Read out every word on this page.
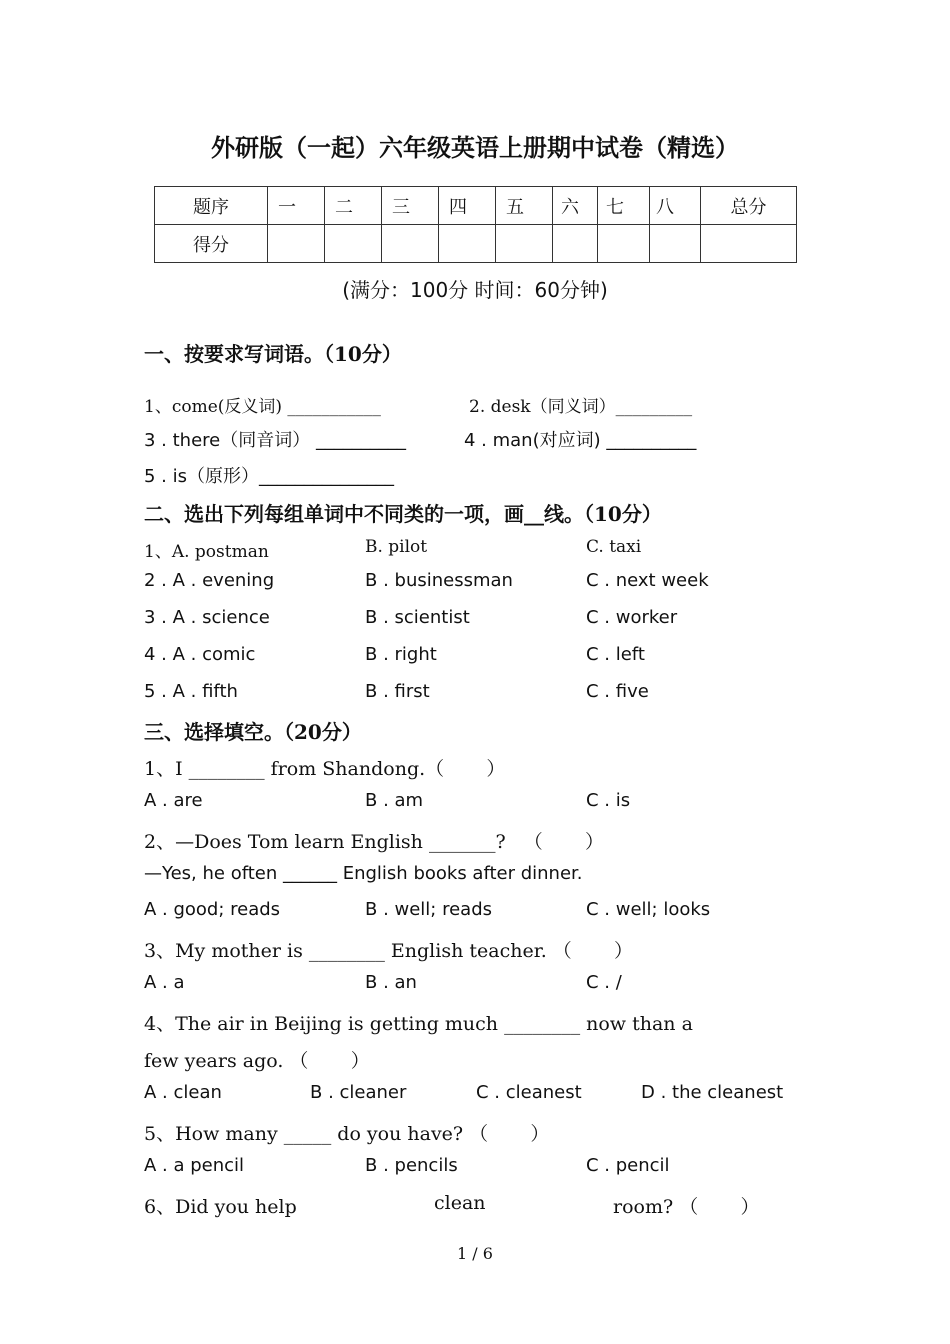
外研版（一起）六年级英语上册期中试卷（精选）
题序	一	二	三	四	五	六	七	八	总分
得分									
(满分：100分 时间：60分钟)
一、按要求写词语。（10分）
1、come(反义词) ___________	2. desk（同义词）_________
3 . there（同音词） __________	4 . man(对应词) __________
5 . is（原形）_______________
二、选出下列每组单词中不同类的一项，画__线。（10分）
1、A. postman	B. pilot	C. taxi
2 . A . evening	B . businessman	C . next week
3 . A . science	B . scientist	C . worker
4 . A . comic	B . right	C . left
5 . A . fifth	B . first	C . five
三、选择填空。（20分）
1、I ________ from Shandong.（       ）
A . are	B . am	C . is
2、—Does Tom learn English _______?   （       ）
—Yes, he often ______ English books after dinner.
A . good; reads	B . well; reads	C . well; looks
3、My mother is ________ English teacher. （       ）
A . a	B . an	C . /
4、The air in Beijing is getting much ________ now than a
few years ago. （       ）
A . clean	B . cleaner	C . cleanest	D . the cleanest
5、How many _____ do you have? （       ）
A . a pencil	B . pencils	C . pencil
6、Did you help	clean	room? （       ）
1 / 6
